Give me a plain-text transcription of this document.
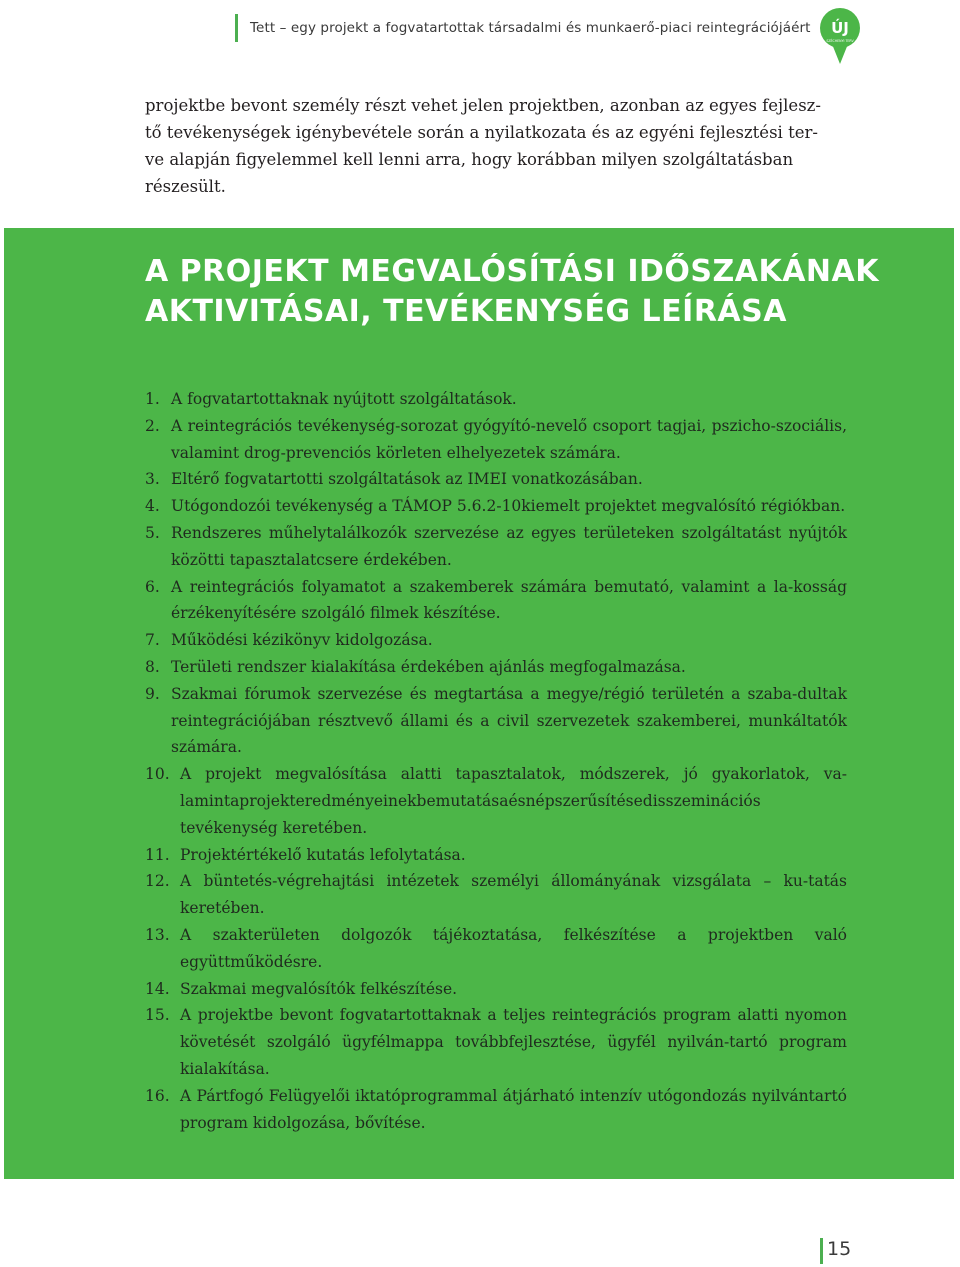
Tett – egy projekt a fogvatartottak társadalmi és munkaerő-piaci reintegrációjáért ÚJ
SZÉCHENYI TERV

projektbe bevont személy részt vehet jelen projektben, azonban az egyes fejlesz-

tő tevékenységek igénybevétele során a nyilatkozata és az egyéni fejlesztési ter-

ve alapján figyelemmel kell lenni arra, hogy korábban milyen szolgáltatásban

részesült.

A PROJEKT MEGVALÓSÍTÁSI IDŐSZAKÁNAK
AKTIVITÁSAI, TEVÉKENYSÉG LEÍRÁSA
1. A fogvatartottaknak nyújtott szolgáltatások.
2. A reintegrációs tevékenység-sorozat gyógyító-nevelő csoport tagjai, pszicho-szociális, valamint drog-prevenciós körleten elhelyezetek számára.
3. Eltérő fogvatartotti szolgáltatások az IMEI vonatkozásában.
4. Utógondozói tevékenység a TÁMOP 5.6.2-10kiemelt projektet megvalósító régiókban.
5. Rendszeres műhelytalálkozók szervezése az egyes területeken szolgáltatást nyújtók közötti tapasztalatcsere érdekében.
6. A reintegrációs folyamatot a szakemberek számára bemutató, valamint a la-kosság érzékenyítésére szolgáló filmek készítése.
7. Működési kézikönyv kidolgozása.
8. Területi rendszer kialakítása érdekében ajánlás megfogalmazása.
9. Szakmai fórumok szervezése és megtartása a megye/régió területén a szaba-dultak reintegrációjában résztvevő állami és a civil szervezetek szakemberei, munkáltatók számára.
10. A projekt megvalósítása alatti tapasztalatok, módszerek, jó gyakorlatok, va-lamintaprojekteredményeinekbemutatásaésnépszerűsítésedisszeminációs tevékenység keretében.
11. Projektértékelő kutatás lefolytatása.
12. A büntetés-végrehajtási intézetek személyi állományának vizsgálata – ku-tatás keretében.
13. A szakterületen dolgozók tájékoztatása, felkészítése a projektben való együttműködésre.
14. Szakmai megvalósítók felkészítése.
15. A projektbe bevont fogvatartottaknak a teljes reintegrációs program alatti nyomon követését szolgáló ügyfélmappa továbbfejlesztése, ügyfél nyilván-tartó program kialakítása.
16. A Pártfogó Felügyelői iktatóprogrammal átjárható intenzív utógondozás nyilvántartó program kidolgozása, bővítése.
15
